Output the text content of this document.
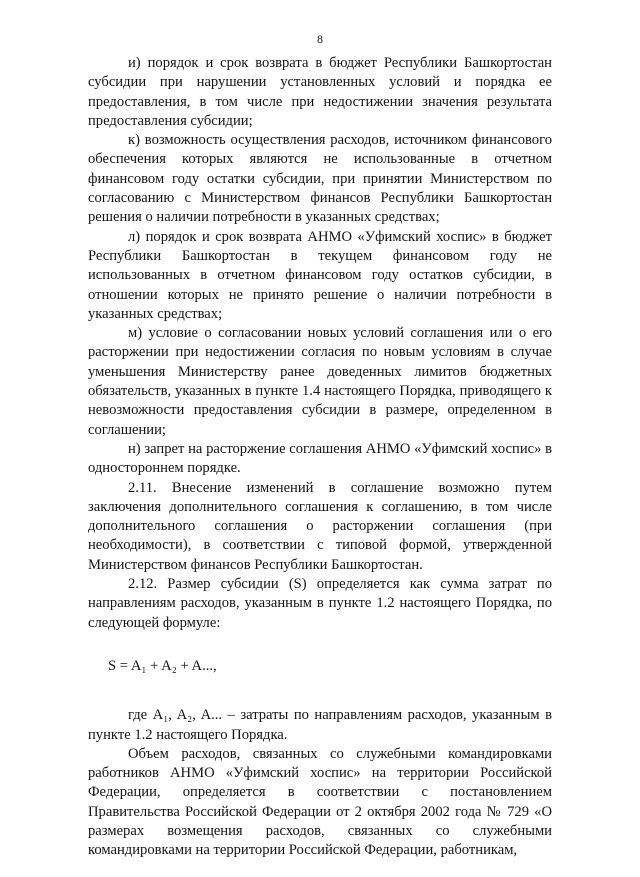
8

и) порядок и срок возврата в бюджет Республики Башкортостан субсидии при нарушении установленных условий и порядка ее предоставления, в том числе при недостижении значения результата предоставления субсидии;

к) возможность осуществления расходов, источником финансового обеспечения которых являются не использованные в отчетном финансовом году остатки субсидии, при принятии Министерством по согласованию с Министерством финансов Республики Башкортостан решения о наличии потребности в указанных средствах;

л) порядок и срок возврата АНМО «Уфимский хоспис» в бюджет Республики Башкортостан в текущем финансовом году не использованных в отчетном финансовом году остатков субсидии, в отношении которых не принято решение о наличии потребности в указанных средствах;

м) условие о согласовании новых условий соглашения или о его расторжении при недостижении согласия по новым условиям в случае уменьшения Министерству ранее доведенных лимитов бюджетных обязательств, указанных в пункте 1.4 настоящего Порядка, приводящего к невозможности предоставления субсидии в размере, определенном в соглашении;

н) запрет на расторжение соглашения АНМО «Уфимский хоспис» в одностороннем порядке.

2.11. Внесение изменений в соглашение возможно путем заключения дополнительного соглашения к соглашению, в том числе дополнительного соглашения о расторжении соглашения (при необходимости), в соответствии с типовой формой, утвержденной Министерством финансов Республики Башкортостан.

2.12. Размер субсидии (S) определяется как сумма затрат по направлениям расходов, указанным в пункте 1.2 настоящего Порядка, по следующей формуле:

S = A₁ + A₂ + A...,

где A₁, A₂, A... – затраты по направлениям расходов, указанным в пункте 1.2 настоящего Порядка.

Объем расходов, связанных со служебными командировками работников АНМО «Уфимский хоспис» на территории Российской Федерации, определяется в соответствии с постановлением Правительства Российской Федерации от 2 октября 2002 года № 729 «О размерах возмещения расходов, связанных со служебными командировками на территории Российской Федерации, работникам,
